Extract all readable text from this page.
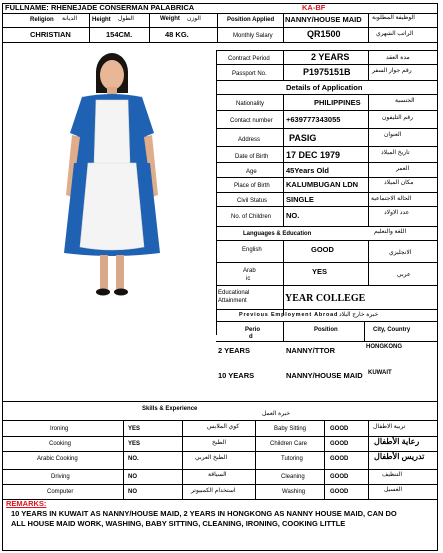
FULLNAME: RHENEJADE CONSERMAN PALABRICA	KA-BF
Religion الديانة Height الطول	Weight الوزن	Position Applied NANNY/HOUSE MAID الوظيفة المطلوبة
CHRISTIAN	154CM.	48 KG.	Monthly Salary	QR1500	الراتب الشهري
Contract Period	2 YEARS	مدة العقد
Passport No.	P1975151B	رقم جواز السفر
Details of Application
Nationality	PHILIPPINES	الجنسية
Contact number +639777343055	رقم التليفون
Address	PASIG	العنوان
Date of Birth 17 DEC 1979	تاريخ الميلاد
Age	45Years Old	العمر
Place of Birth KALUMBUGAN LDN	مكان الميلاد
Civil Status	SINGLE	الحالة الاجتماعية
No. of Children NO.	عدد الاولاد
Languages & Education	اللغة والتعليم
English	GOOD	الانجليزي
Arab
ic
YES	عربي
Educational
Attainment	YEAR COLLEGE
Previous Employment Abroad خبرة خارج البلاد
Perio
d
Position	City, Country
2 YEARS	NANNY/TTOR	HONGKONG
10 YEARS	NANNY/HOUSE MAID KUWAIT
Skills & Experience
خبرة العمل
Ironing	YES	كوي الملابس	Baby Sitting	GOOD	تربية الاطفال
Cooking	YES	الطبخ	Children Care	GOOD	رعاية الأطفال
Arabic Cooking	NO.	الطبخ العربي	Tutoring	GOOD	تدريس الأطفال
Driving	NO	السياقة	Cleaning	GOOD	التنظيف
Computer	NO	استخدام الكمبيوتر	Washing	GOOD	الغسيل
REMARKS:
10 YEARS IN KUWAIT AS NANNY/HOUSE MAID, 2 YEARS IN HONGKONG AS NANNY HOUSE MAID, CAN DO
ALL HOUSE MAID WORK, WASHING, BABY SITTING, CLEANING, IRONING, COOKING LITTLE
